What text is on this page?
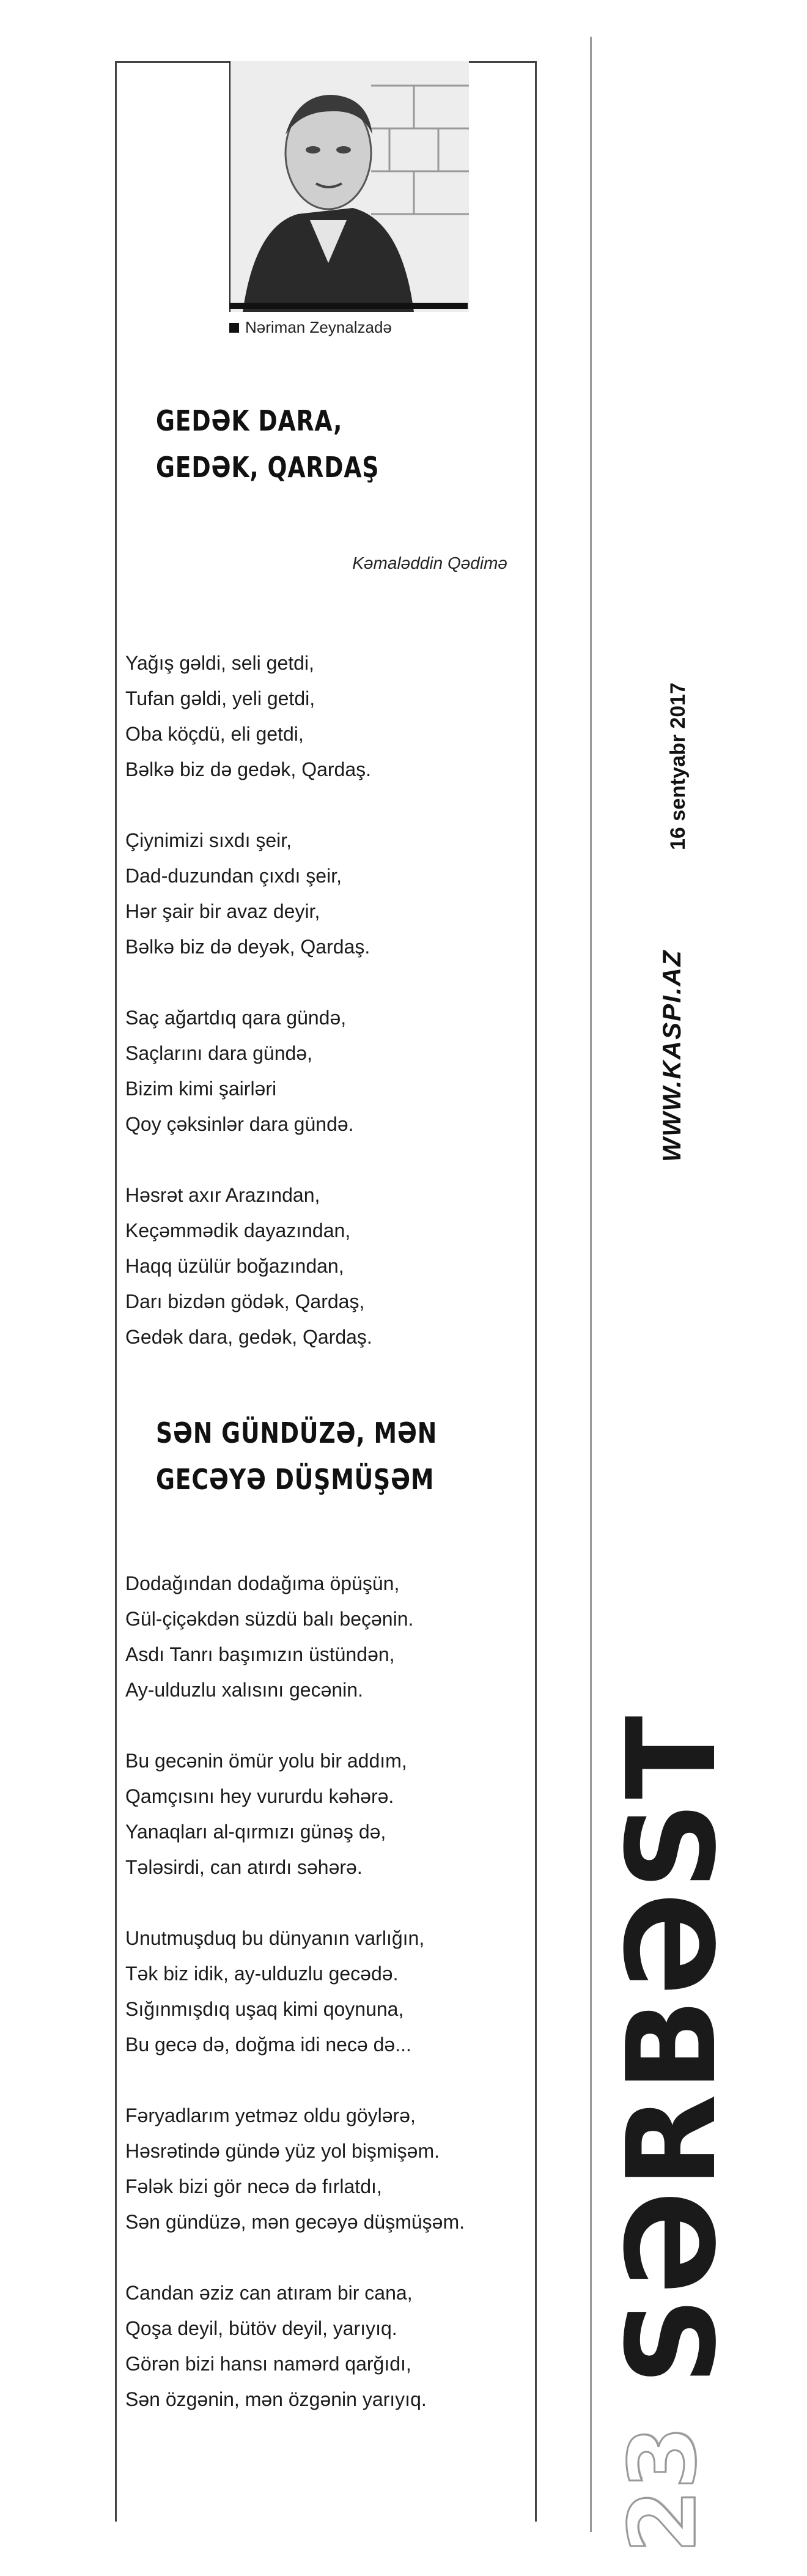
Nəriman Zeynalzadə
GEDƏK DARA,
GEDƏK, QARDAŞ
Kəmaləddin Qədimə
Yağış gəldi, seli getdi,
Tufan gəldi, yeli getdi,
Oba köçdü, eli getdi,
Bəlkə biz də gedək, Qardaş.
Çiynimizi sıxdı şeir,
Dad-duzundan çıxdı şeir,
Hər şair bir avaz deyir,
Bəlkə biz də deyək, Qardaş.
Saç ağartdıq qara gündə,
Saçlarını dara gündə,
Bizim kimi şairləri
Qoy çəksinlər dara gündə.
Həsrət axır Arazından,
Keçəmmədik dayazından,
Haqq üzülür boğazından,
Darı bizdən gödək, Qardaş,
Gedək dara, gedək, Qardaş.
SƏN GÜNDÜZƏ, MƏN
GECƏYƏ DÜŞMÜŞƏM
Dodağından dodağıma öpüşün,
Gül-çiçəkdən süzdü balı beçənin.
Asdı Tanrı başımızın üstündən,
Ay-ulduzlu xalısını gecənin.
Bu gecənin ömür yolu bir addım,
Qamçısını hey vururdu kəhərə.
Yanaqları al-qırmızı günəş də,
Tələsirdi, can atırdı səhərə.
Unutmuşduq bu dünyanın varlığın,
Tək biz idik, ay-ulduzlu gecədə.
Sığınmışdıq uşaq kimi qoynuna,
Bu gecə də, doğma idi necə də...
Fəryadlarım yetməz oldu göylərə,
Həsrətində gündə yüz yol bişmişəm.
Fələk bizi gör necə də fırlatdı,
Sən gündüzə, mən gecəyə düşmüşəm.
Candan əziz can atıram bir cana,
Qoşa deyil, bütöv deyil, yarıyıq.
Görən bizi hansı namərd qarğıdı,
Sən özgənin, mən özgənin yarıyıq.
16 sentyabr 2017
WWW.KASPI.AZ
SƏRBƏST
23
